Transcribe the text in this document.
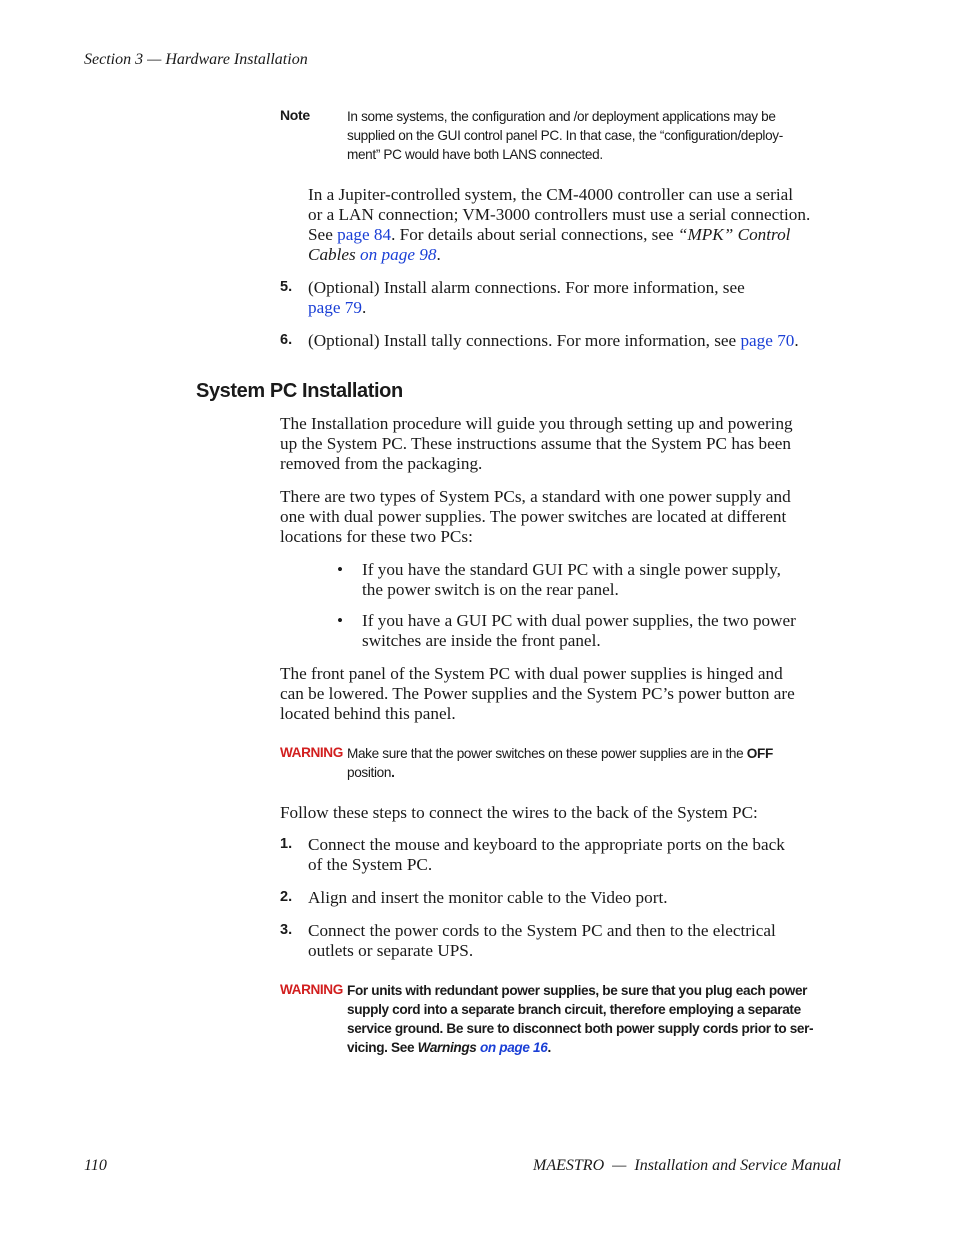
Section 3 — Hardware Installation
Note	In some systems, the configuration and /or deployment applications may be
supplied on the GUI control panel PC. In that case, the “configuration/deploy-
ment” PC would have both LANS connected.
In a Jupiter-controlled system, the CM-4000 controller can use a serial
or a LAN connection; VM-3000 controllers must use a serial connection.
See page 84. For details about serial connections, see “MPK” Control
Cables on page 98.
5. (Optional) Install alarm connections. For more information, see
page 79.
6. (Optional) Install tally connections. For more information, see page 70.
System PC Installation
The Installation procedure will guide you through setting up and powering
up the System PC. These instructions assume that the System PC has been
removed from the packaging.
There are two types of System PCs, a standard with one power supply and
one with dual power supplies. The power switches are located at different
locations for these two PCs:
• If you have the standard GUI PC with a single power supply,
the power switch is on the rear panel.
• If you have a GUI PC with dual power supplies, the two power
switches are inside the front panel.
The front panel of the System PC with dual power supplies is hinged and
can be lowered. The Power supplies and the System PC’s power button are
located behind this panel.
WARNING Make sure that the power switches on these power supplies are in the OFF
position.
Follow these steps to connect the wires to the back of the System PC:
1. Connect the mouse and keyboard to the appropriate ports on the back
of the System PC.
2. Align and insert the monitor cable to the Video port.
3. Connect the power cords to the System PC and then to the electrical
outlets or separate UPS.
WARNING For units with redundant power supplies, be sure that you plug each power
supply cord into a separate branch circuit, therefore employing a separate
service ground. Be sure to disconnect both power supply cords prior to ser-
vicing. See Warnings on page 16.
110	MAESTRO  —  Installation and Service Manual
